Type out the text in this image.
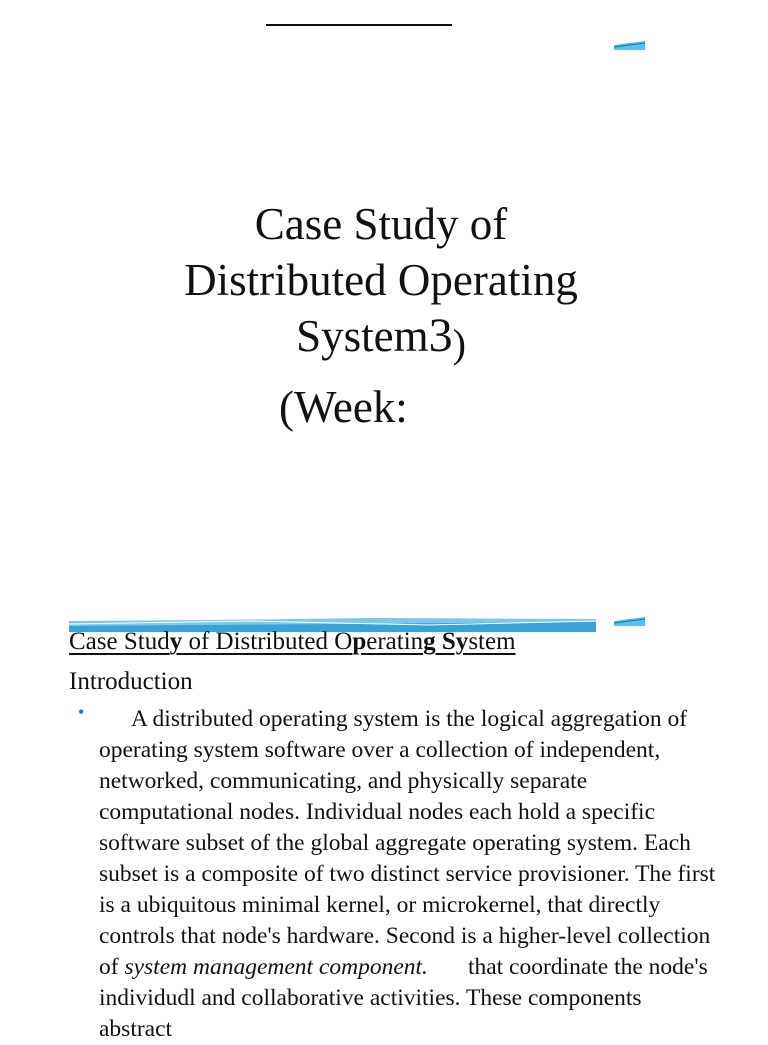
Case Study of
Distributed Operating
System3)

(Week:

Case Study of Distributed Operating System

Introduction

•	A distributed operating system is the logical aggregation of operating system software over a collection of independent, networked, communicating, and physically separate computational nodes. Individual nodes each hold a specific software subset of the global aggregate operating system. Each subset is a composite of two distinct service provisioner. The first is a ubiquitous minimal kernel, or microkernel, that directly controls that node's hardware. Second is a higher-level collection of system management component. that coordinate the node's individudl and collaborative activities. These components abstract
